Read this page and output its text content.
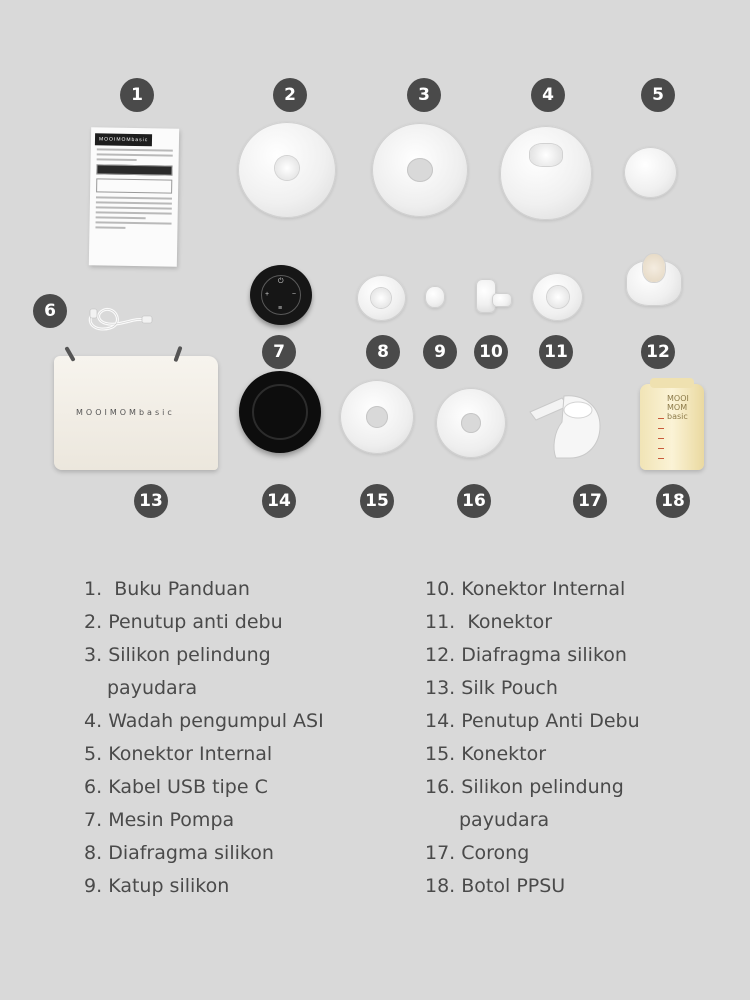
1	2	3	4	5
6
7	8	9	10	11	12
13	14	15	16	17	18
MOOIMOMbasic
⏻
+	−
≡
MOOIMOMbasic
MOOI MOM basic
1. Buku Panduan
2. Penutup anti debu
3. Silikon pelindung
payudara
4. Wadah pengumpul ASI
5. Konektor Internal
6. Kabel USB tipe C
7. Mesin Pompa
8. Diafragma silikon
9. Katup silikon
10. Konektor Internal
11. Konektor
12. Diafragma silikon
13. Silk Pouch
14. Penutup Anti Debu
15. Konektor
16. Silikon pelindung
payudara
17. Corong
18. Botol PPSU
